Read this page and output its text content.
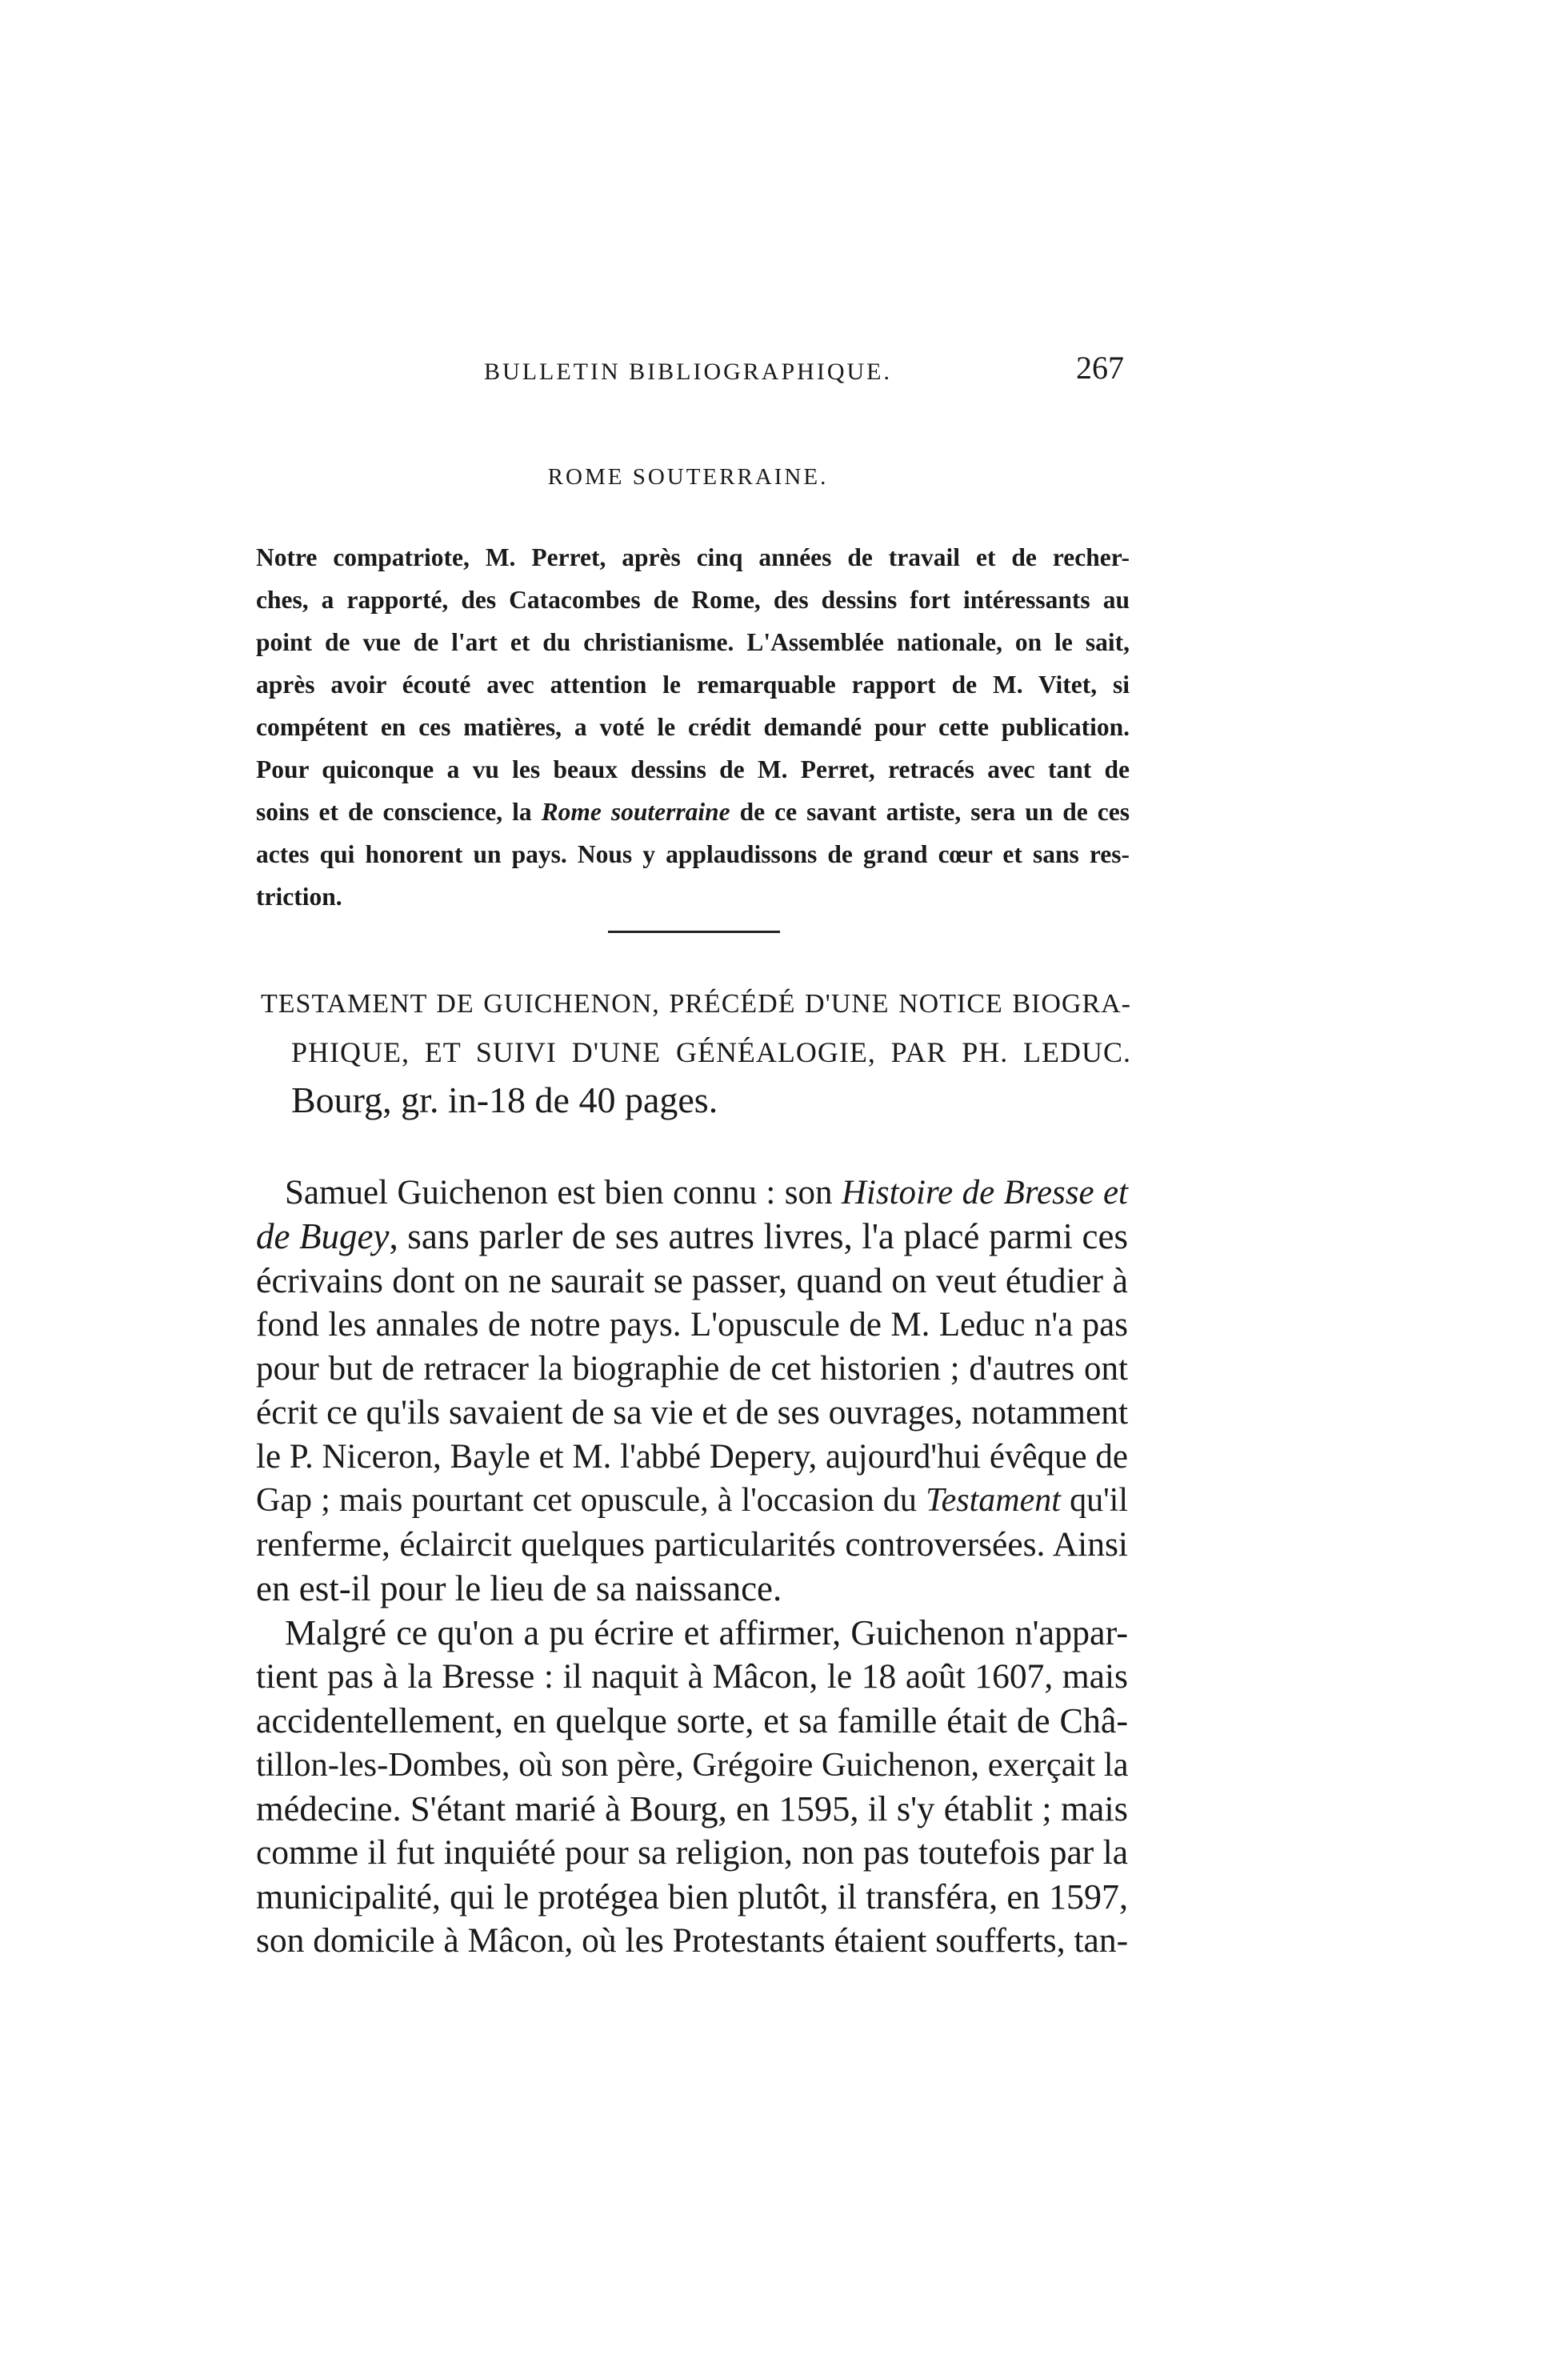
BULLETIN BIBLIOGRAPHIQUE.	267
ROME SOUTERRAINE.
Notre compatriote, M. Perret, après cinq années de travail et de recher-
ches, a rapporté, des Catacombes de Rome, des dessins fort intéressants au
point de vue de l'art et du christianisme. L'Assemblée nationale, on le sait,
après avoir écouté avec attention le remarquable rapport de M. Vitet, si
compétent en ces matières, a voté le crédit demandé pour cette publication.
Pour quiconque a vu les beaux dessins de M. Perret, retracés avec tant de
soins et de conscience, la Rome souterraine de ce savant artiste, sera un de ces
actes qui honorent un pays. Nous y applaudissons de grand cœur et sans res-
triction.
TESTAMENT DE GUICHENON, PRÉCÉDÉ D'UNE NOTICE BIOGRA-
PHIQUE, ET SUIVI D'UNE GÉNÉALOGIE, PAR PH. LEDUC.
Bourg, gr. in-18 de 40 pages.
Samuel Guichenon est bien connu : son Histoire de Bresse et
de Bugey, sans parler de ses autres livres, l'a placé parmi ces
écrivains dont on ne saurait se passer, quand on veut étudier à
fond les annales de notre pays. L'opuscule de M. Leduc n'a pas
pour but de retracer la biographie de cet historien ; d'autres ont
écrit ce qu'ils savaient de sa vie et de ses ouvrages, notamment
le P. Niceron, Bayle et M. l'abbé Depery, aujourd'hui évêque de
Gap ; mais pourtant cet opuscule, à l'occasion du Testament qu'il
renferme, éclaircit quelques particularités controversées. Ainsi
en est-il pour le lieu de sa naissance.
Malgré ce qu'on a pu écrire et affirmer, Guichenon n'appar-
tient pas à la Bresse : il naquit à Mâcon, le 18 août 1607, mais
accidentellement, en quelque sorte, et sa famille était de Châ-
tillon-les-Dombes, où son père, Grégoire Guichenon, exerçait la
médecine. S'étant marié à Bourg, en 1595, il s'y établit ; mais
comme il fut inquiété pour sa religion, non pas toutefois par la
municipalité, qui le protégea bien plutôt, il transféra, en 1597,
son domicile à Mâcon, où les Protestants étaient soufferts, tan-
